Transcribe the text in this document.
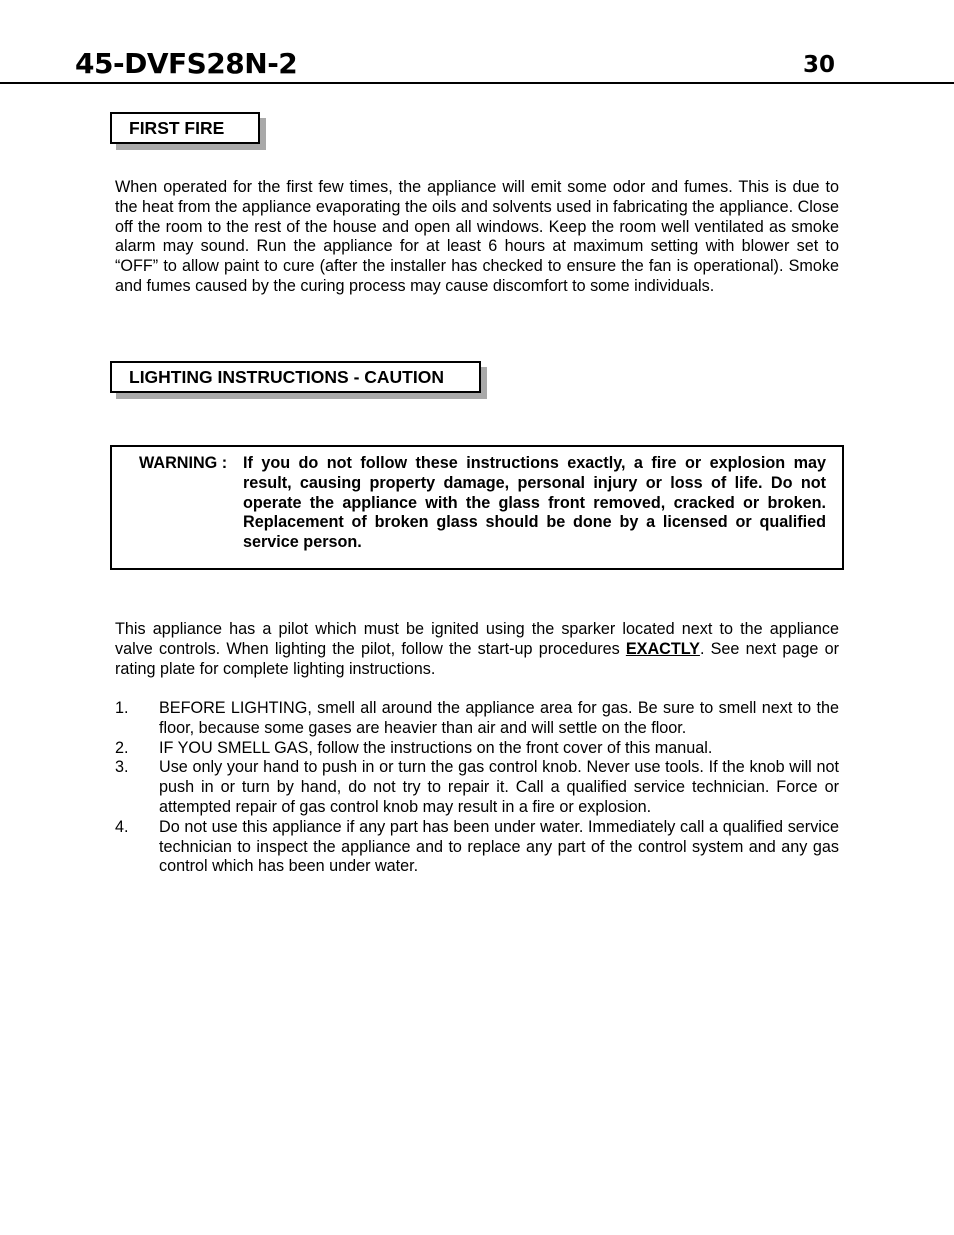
45-DVFS28N-2	30
FIRST FIRE
When operated for the first few times, the appliance will emit some odor and fumes. This is due to the heat from the appliance evaporating the oils and solvents used in fabricating the appliance. Close off the room to the rest of the house and open all windows. Keep the room well ventilated as smoke alarm may sound. Run the appliance for at least 6 hours at maximum setting with blower set to “OFF” to allow paint to cure (after the installer has checked to ensure the fan is operational). Smoke and fumes caused by the curing process may cause discomfort to some individuals.
LIGHTING INSTRUCTIONS - CAUTION
WARNING : If you do not follow these instructions exactly, a fire or explosion may result, causing property damage, personal injury or loss of life. Do not operate the appliance with the glass front removed, cracked or broken. Replacement of broken glass should be done by a licensed or qualified service person.
This appliance has a pilot which must be ignited using the sparker located next to the appliance valve controls. When lighting the pilot, follow the start-up procedures EXACTLY. See next page or rating plate for complete lighting instructions.
1. BEFORE LIGHTING, smell all around the appliance area for gas. Be sure to smell next to the floor, because some gases are heavier than air and will settle on the floor.
2. IF YOU SMELL GAS, follow the instructions on the front cover of this manual.
3. Use only your hand to push in or turn the gas control knob. Never use tools. If the knob will not push in or turn by hand, do not try to repair it. Call a qualified service technician. Force or attempted repair of gas control knob may result in a fire or explosion.
4. Do not use this appliance if any part has been under water. Immediately call a qualified service technician to inspect the appliance and to replace any part of the control system and any gas control which has been under water.
